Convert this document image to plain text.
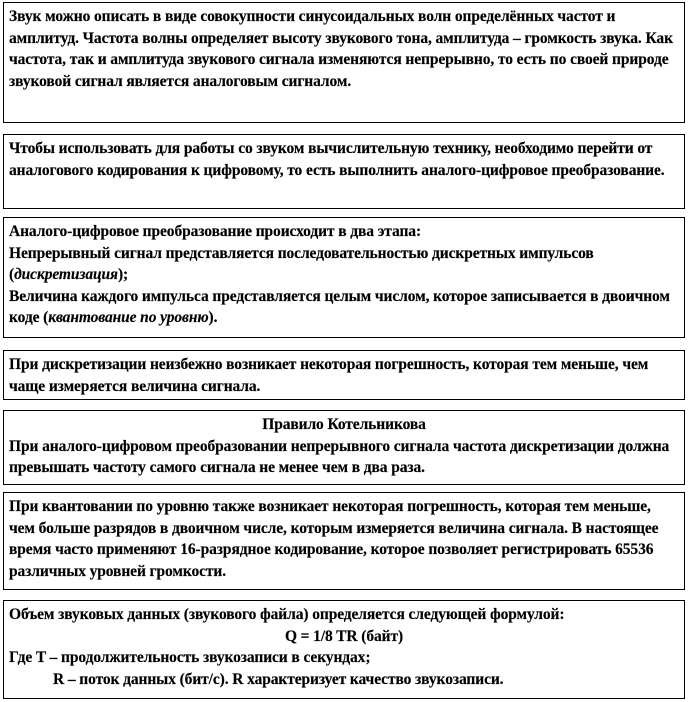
Звук можно описать в виде совокупности синусоидальных волн определённых частот и амплитуд. Частота волны определяет высоту звукового тона, амплитуда – громкость звука. Как частота, так и амплитуда звукового сигнала изменяются непрерывно, то есть по своей природе звуковой сигнал является аналоговым сигналом.

Чтобы использовать для работы со звуком вычислительную технику, необходимо перейти от аналогового кодирования к цифровому, то есть выполнить аналого-цифровое преобразование.

Аналого-цифровое преобразование происходит в два этапа:

Непрерывный сигнал представляется последовательностью дискретных импульсов (дискретизация);

Величина каждого импульса представляется целым числом, которое записывается в двоичном коде (квантование по уровню).

При дискретизации неизбежно возникает некоторая погрешность, которая тем меньше, чем чаще измеряется величина сигнала.

Правило Котельникова

При аналого-цифровом преобразовании непрерывного сигнала частота дискретизации должна превышать частоту самого сигнала не менее чем в два раза.

При квантовании по уровню также возникает некоторая погрешность, которая тем меньше, чем больше разрядов в двоичном числе, которым измеряется величина сигнала. В настоящее время часто применяют 16-разрядное кодирование, которое позволяет регистрировать 65536 различных уровней громкости.

Объем звуковых данных (звукового файла) определяется следующей формулой:

Q = 1/8 TR (байт)

Где T – продолжительность звукозаписи в секундах;

R – поток данных (бит/с). R характеризует качество звукозаписи.
